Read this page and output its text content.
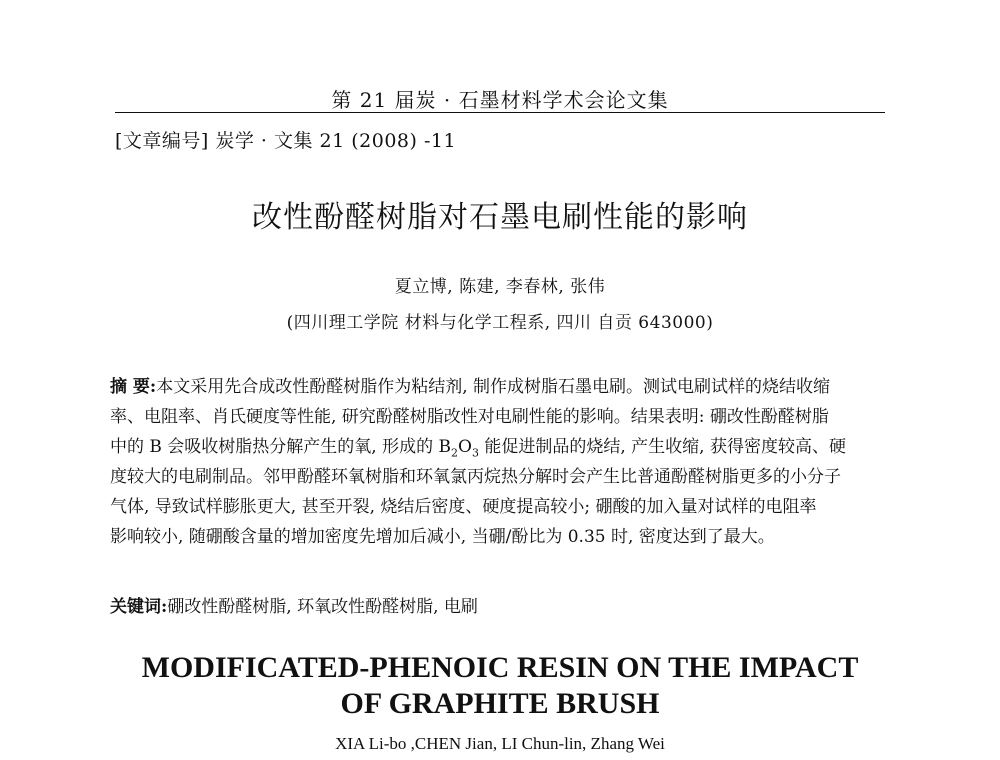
第 21 届炭 · 石墨材料学术会论文集
[文章编号] 炭学 · 文集 21 (2008) -11
改性酚醛树脂对石墨电刷性能的影响
夏立博, 陈建, 李春林, 张伟
(四川理工学院 材料与化学工程系, 四川 自贡 643000)
摘 要:本文采用先合成改性酚醛树脂作为粘结剂, 制作成树脂石墨电刷。测试电刷试样的烧结收缩
率、电阻率、肖氏硬度等性能, 研究酚醛树脂改性对电刷性能的影响。结果表明: 硼改性酚醛树脂
中的 B 会吸收树脂热分解产生的氧, 形成的 $B_2O_3$ 能促进制品的烧结, 产生收缩, 获得密度较高、硬
度较大的电刷制品。邻甲酚醛环氧树脂和环氧氯丙烷热分解时会产生比普通酚醛树脂更多的小分子
气体, 导致试样膨胀更大, 甚至开裂, 烧结后密度、硬度提高较小; 硼酸的加入量对试样的电阻率
影响较小, 随硼酸含量的增加密度先增加后减小, 当硼/酚比为 0.35 时, 密度达到了最大。
关键词:硼改性酚醛树脂, 环氧改性酚醛树脂, 电刷
MODIFICATED-PHENOIC RESIN ON THE IMPACT
OF GRAPHITE BRUSH
XIA Li-bo ,CHEN Jian, LI Chun-lin, Zhang Wei
